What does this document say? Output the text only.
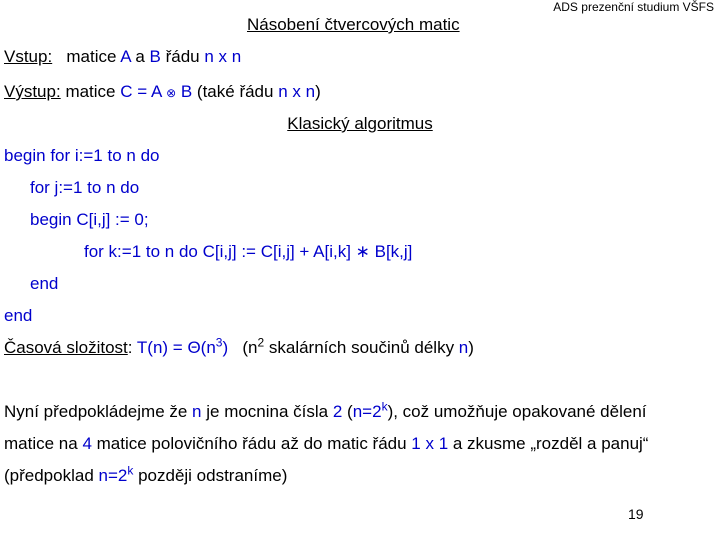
ADS prezenční studium VŠFS
Násobení čtvercových matic
Vstup: matice A a B řádu n x n
Výstup: matice C = A ⊗ B (také řádu n x n)
Klasický algoritmus
begin for i:=1 to n do
for j:=1 to n do
begin C[i,j] := 0;
for k:=1 to n do C[i,j] := C[i,j] + A[i,k] ∗ B[k,j]
end
end
Časová složitost: $T(n) = \Theta(n^3)$ ($n^2$ skalárních součinů délky n)
Nyní předpokládejme že n je mocnina čísla 2 $(n=2^k)$, což umožňuje opakované dělení
matice na 4 matice polovičního řádu až do matic řádu 1 x 1 a zkusme „rozděl a panuj“
(předpoklad $n=2^k$ později odstraníme)
19
